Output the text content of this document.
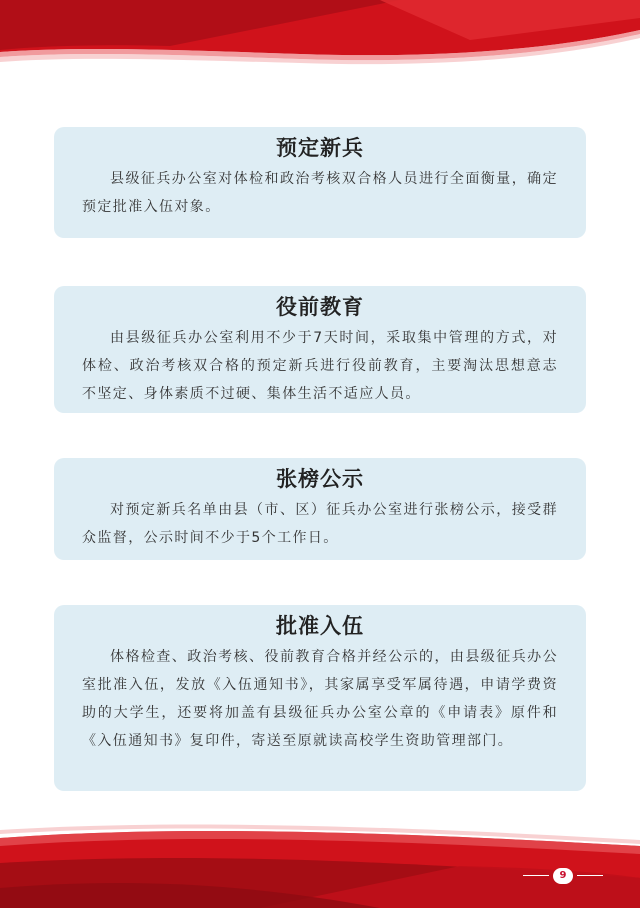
预定新兵

县级征兵办公室对体检和政治考核双合格人员进行全面衡量，确定预定批准入伍对象。

役前教育

由县级征兵办公室利用不少于7天时间，采取集中管理的方式，对体检、政治考核双合格的预定新兵进行役前教育，主要淘汰思想意志不坚定、身体素质不过硬、集体生活不适应人员。

张榜公示

对预定新兵名单由县（市、区）征兵办公室进行张榜公示，接受群众监督，公示时间不少于5个工作日。

批准入伍

体格检查、政治考核、役前教育合格并经公示的，由县级征兵办公室批准入伍，发放《入伍通知书》，其家属享受军属待遇，申请学费资助的大学生，还要将加盖有县级征兵办公室公章的《申请表》原件和《入伍通知书》复印件，寄送至原就读高校学生资助管理部门。

9
